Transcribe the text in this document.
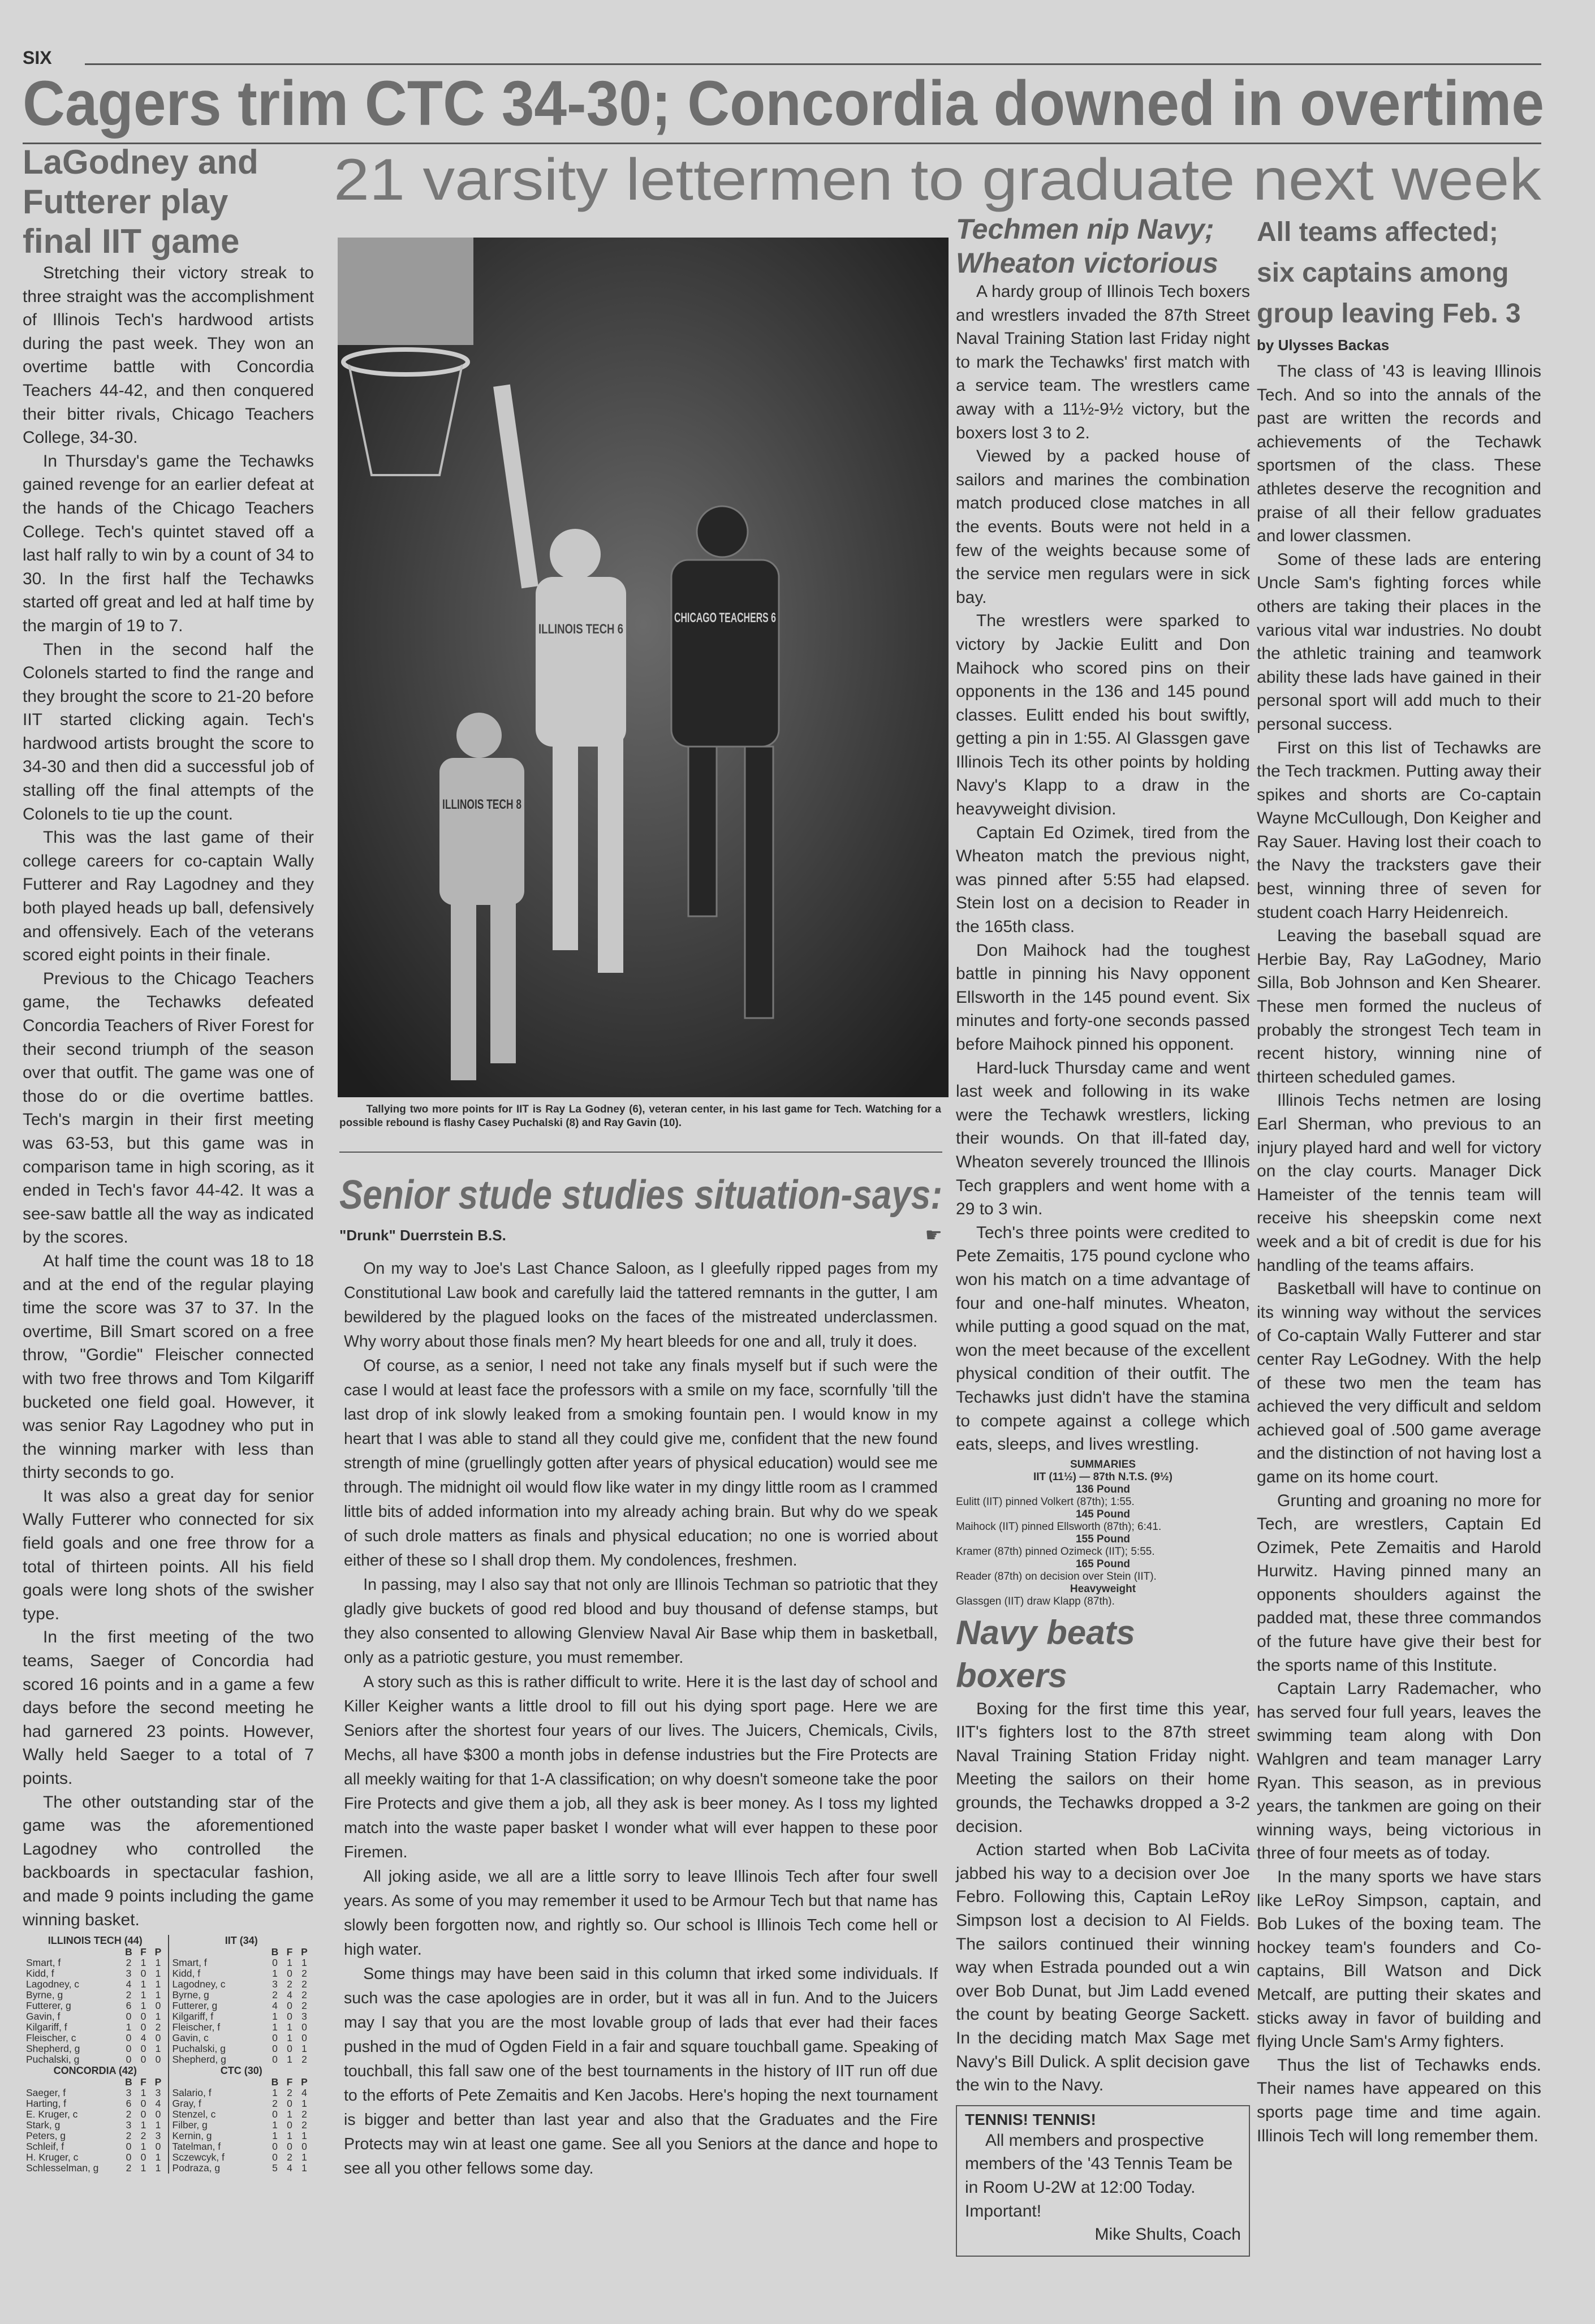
SIX
Cagers trim CTC 34-30; Concordia downed in overtime
21 varsity lettermen to graduate next week
LaGodney and
Futterer play
final IIT game

Stretching their victory streak to three straight was the accomplishment of Illinois Tech's hardwood artists during the past week. They won an overtime battle with Concordia Teachers 44-42, and then conquered their bitter rivals, Chicago Teachers College, 34-30.

In Thursday's game the Techawks gained revenge for an earlier defeat at the hands of the Chicago Teachers College. Tech's quintet staved off a last half rally to win by a count of 34 to 30. In the first half the Techawks started off great and led at half time by the margin of 19 to 7.

Then in the second half the Colonels started to find the range and they brought the score to 21-20 before IIT started clicking again. Tech's hardwood artists brought the score to 34-30 and then did a successful job of stalling off the final attempts of the Colonels to tie up the count.

This was the last game of their college careers for co-captain Wally Futterer and Ray Lagodney and they both played heads up ball, defensively and offensively. Each of the veterans scored eight points in their finale.

Previous to the Chicago Teachers game, the Techawks defeated Concordia Teachers of River Forest for their second triumph of the season over that outfit. The game was one of those do or die overtime battles. Tech's margin in their first meeting was 63-53, but this game was in comparison tame in high scoring, as it ended in Tech's favor 44-42. It was a see-saw battle all the way as indicated by the scores.

At half time the count was 18 to 18 and at the end of the regular playing time the score was 37 to 37. In the overtime, Bill Smart scored on a free throw, "Gordie" Fleischer connected with two free throws and Tom Kilgariff bucketed one field goal. However, it was senior Ray Lagodney who put in the winning marker with less than thirty seconds to go.

It was also a great day for senior Wally Futterer who connected for six field goals and one free throw for a total of thirteen points. All his field goals were long shots of the swisher type.

In the first meeting of the two teams, Saeger of Concordia had scored 16 points and in a game a few days before the second meeting he had garnered 23 points. However, Wally held Saeger to a total of 7 points.

The other outstanding star of the game was the aforementioned Lagodney who controlled the backboards in spectacular fashion, and made 9 points including the game winning basket.

ILLINOIS TECH (44)
	B	F	P
Smart, f	2	1	1
Kidd, f	3	0	1
Lagodney, c	4	1	1
Byrne, g	2	1	1
Futterer, g	6	1	0
Gavin, f	0	0	1
Kilgariff, f	1	0	2
Fleischer, c	0	4	0
Shepherd, g	0	0	1
Puchalski, g	0	0	0
IIT (34)
	B	F	P
Smart, f	0	1	1
Kidd, f	1	0	2
Lagodney, c	3	2	2
Byrne, g	2	4	2
Futterer, g	4	0	2
Kilgariff, f	1	0	3
Fleischer, f	1	1	0
Gavin, c	0	1	0
Puchalski, g	0	0	1
Shepherd, g	0	1	2
CONCORDIA (42)
	B	F	P
Saeger, f	3	1	3
Harting, f	6	0	4
E. Kruger, c	2	0	0
Stark, g	3	1	1
Peters, g	2	2	3
Schleif, f	0	1	0
H. Kruger, c	0	0	1
Schlesselman, g	2	1	1
CTC (30)
	B	F	P
Salario, f	1	2	4
Gray, f	2	0	1
Stenzel, c	0	1	2
Filber, g	1	0	2
Kernin, g	1	1	1
Tatelman, f	0	0	0
Sczewcyk, f	0	2	1
Podraza, g	5	4	1
ILLINOIS TECH 6
CHICAGO TEACHERS 6
ILLINOIS TECH 8
Tallying two more points for IIT is Ray La Godney (6), veteran center, in his last game for Tech. Watching for a possible rebound is flashy Casey Puchalski (8) and Ray Gavin (10).
Senior stude studies situation-says:
"Drunk" Duerrstein B.S.	☛

On my way to Joe's Last Chance Saloon, as I gleefully ripped pages from my Constitutional Law book and carefully laid the tattered remnants in the gutter, I am bewildered by the plagued looks on the faces of the mistreated underclassmen. Why worry about those finals men? My heart bleeds for one and all, truly it does.

Of course, as a senior, I need not take any finals myself but if such were the case I would at least face the professors with a smile on my face, scornfully 'till the last drop of ink slowly leaked from a smoking fountain pen. I would know in my heart that I was able to stand all they could give me, confident that the new found strength of mine (gruellingly gotten after years of physical education) would see me through. The midnight oil would flow like water in my dingy little room as I crammed little bits of added information into my already aching brain. But why do we speak of such drole matters as finals and physical education; no one is worried about either of these so I shall drop them. My condolences, freshmen.

In passing, may I also say that not only are Illinois Techman so patriotic that they gladly give buckets of good red blood and buy thousand of defense stamps, but they also consented to allowing Glenview Naval Air Base whip them in basketball, only as a patriotic gesture, you must remember.

A story such as this is rather difficult to write. Here it is the last day of school and Killer Keigher wants a little drool to fill out his dying sport page. Here we are Seniors after the shortest four years of our lives. The Juicers, Chemicals, Civils, Mechs, all have $300 a month jobs in defense industries but the Fire Protects are all meekly waiting for that 1-A classification; on why doesn't someone take the poor Fire Protects and give them a job, all they ask is beer money. As I toss my lighted match into the waste paper basket I wonder what will ever happen to these poor Firemen.

All joking aside, we all are a little sorry to leave Illinois Tech after four swell years. As some of you may remember it used to be Armour Tech but that name has slowly been forgotten now, and rightly so. Our school is Illinois Tech come hell or high water.

Some things may have been said in this column that irked some individuals. If such was the case apologies are in order, but it was all in fun. And to the Juicers may I say that you are the most lovable group of lads that ever had their faces pushed in the mud of Ogden Field in a fair and square touchball game. Speaking of touchball, this fall saw one of the best tournaments in the history of IIT run off due to the efforts of Pete Zemaitis and Ken Jacobs. Here's hoping the next tournament is bigger and better than last year and also that the Graduates and the Fire Protects may win at least one game. See all you Seniors at the dance and hope to see all you other fellows some day.

Techmen nip Navy;
Wheaton victorious

A hardy group of Illinois Tech boxers and wrestlers invaded the 87th Street Naval Training Station last Friday night to mark the Techawks' first match with a service team. The wrestlers came away with a 11½-9½ victory, but the boxers lost 3 to 2.

Viewed by a packed house of sailors and marines the combination match produced close matches in all the events. Bouts were not held in a few of the weights because some of the service men regulars were in sick bay.

The wrestlers were sparked to victory by Jackie Eulitt and Don Maihock who scored pins on their opponents in the 136 and 145 pound classes. Eulitt ended his bout swiftly, getting a pin in 1:55. Al Glassgen gave Illinois Tech its other points by holding Navy's Klapp to a draw in the heavyweight division.

Captain Ed Ozimek, tired from the Wheaton match the previous night, was pinned after 5:55 had elapsed. Stein lost on a decision to Reader in the 165th class.

Don Maihock had the toughest battle in pinning his Navy opponent Ellsworth in the 145 pound event. Six minutes and forty-one seconds passed before Maihock pinned his opponent.

Hard-luck Thursday came and went last week and following in its wake were the Techawk wrestlers, licking their wounds. On that ill-fated day, Wheaton severely trounced the Illinois Tech grapplers and went home with a 29 to 3 win.

Tech's three points were credited to Pete Zemaitis, 175 pound cyclone who won his match on a time advantage of four and one-half minutes. Wheaton, while putting a good squad on the mat, won the meet because of the excellent physical condition of their outfit. The Techawks just didn't have the stamina to compete against a college which eats, sleeps, and lives wrestling.

SUMMARIES
IIT (11½) — 87th N.T.S. (9½)
136 Pound
Eulitt (IIT) pinned Volkert (87th); 1:55.
145 Pound
Maihock (IIT) pinned Ellsworth (87th); 6:41.
155 Pound
Kramer (87th) pinned Ozimeck (IIT); 5:55.
165 Pound
Reader (87th) on decision over Stein (IIT).
Heavyweight
Glassgen (IIT) draw Klapp (87th).
Navy beats boxers

Boxing for the first time this year, IIT's fighters lost to the 87th street Naval Training Station Friday night. Meeting the sailors on their home grounds, the Techawks dropped a 3-2 decision.

Action started when Bob LaCivita jabbed his way to a decision over Joe Febro. Following this, Captain LeRoy Simpson lost a decision to Al Fields. The sailors continued their winning way when Estrada pounded out a win over Bob Dunat, but Jim Ladd evened the count by beating George Sackett. In the deciding match Max Sage met Navy's Bill Dulick. A split decision gave the win to the Navy.

TENNIS! TENNIS!
All members and prospective members of the '43 Tennis Team be in Room U-2W at 12:00 Today. Important!
Mike Shults, Coach
All teams affected;
six captains among
group leaving Feb. 3
by Ulysses Backas

The class of '43 is leaving Illinois Tech. And so into the annals of the past are written the records and achievements of the Techawk sportsmen of the class. These athletes deserve the recognition and praise of all their fellow graduates and lower classmen.

Some of these lads are entering Uncle Sam's fighting forces while others are taking their places in the various vital war industries. No doubt the athletic training and teamwork ability these lads have gained in their personal sport will add much to their personal success.

First on this list of Techawks are the Tech trackmen. Putting away their spikes and shorts are Co-captain Wayne McCullough, Don Keigher and Ray Sauer. Having lost their coach to the Navy the tracksters gave their best, winning three of seven for student coach Harry Heidenreich.

Leaving the baseball squad are Herbie Bay, Ray LaGodney, Mario Silla, Bob Johnson and Ken Shearer. These men formed the nucleus of probably the strongest Tech team in recent history, winning nine of thirteen scheduled games.

Illinois Techs netmen are losing Earl Sherman, who previous to an injury played hard and well for victory on the clay courts. Manager Dick Hameister of the tennis team will receive his sheepskin come next week and a bit of credit is due for his handling of the teams affairs.

Basketball will have to continue on its winning way without the services of Co-captain Wally Futterer and star center Ray LeGodney. With the help of these two men the team has achieved the very difficult and seldom achieved goal of .500 game average and the distinction of not having lost a game on its home court.

Grunting and groaning no more for Tech, are wrestlers, Captain Ed Ozimek, Pete Zemaitis and Harold Hurwitz. Having pinned many an opponents shoulders against the padded mat, these three commandos of the future have give their best for the sports name of this Institute.

Captain Larry Rademacher, who has served four full years, leaves the swimming team along with Don Wahlgren and team manager Larry Ryan. This season, as in previous years, the tankmen are going on their winning ways, being victorious in three of four meets as of today.

In the many sports we have stars like LeRoy Simpson, captain, and Bob Lukes of the boxing team. The hockey team's founders and Co-captains, Bill Watson and Dick Metcalf, are putting their skates and sticks away in favor of building and flying Uncle Sam's Army fighters.

Thus the list of Techawks ends. Their names have appeared on this sports page time and time again. Illinois Tech will long remember them.
